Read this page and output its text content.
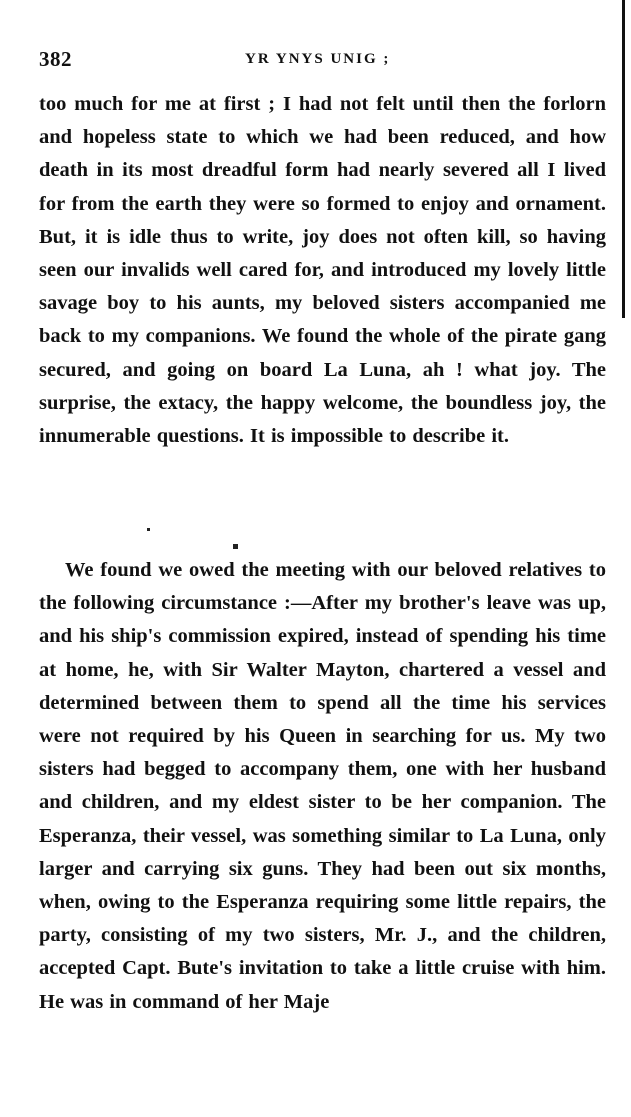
382	YR YNYS UNIG ;

too much for me at first ; I had not felt until then the forlorn and hopeless state to which we had been reduced, and how death in its most dreadful form had nearly severed all I lived for from the earth they were so formed to enjoy and ornament. But, it is idle thus to write, joy does not often kill, so having seen our invalids well cared for, and introduced my lovely little savage boy to his aunts, my beloved sisters accompanied me back to my companions. We found the whole of the pirate gang secured, and going on board La Luna, ah ! what joy. The surprise, the extacy, the happy welcome, the boundless joy, the innumerable questions. It is impossible to describe it.

We found we owed the meeting with our beloved relatives to the following circumstance :—After my brother's leave was up, and his ship's commission expired, instead of spending his time at home, he, with Sir Walter Mayton, chartered a vessel and determined between them to spend all the time his services were not required by his Queen in searching for us. My two sisters had begged to accompany them, one with her husband and children, and my eldest sister to be her companion. The Esperanza, their vessel, was something similar to La Luna, only larger and carrying six guns. They had been out six months, when, owing to the Esperanza requiring some little repairs, the party, consisting of my two sisters, Mr. J., and the children, accepted Capt. Bute's invitation to take a little cruise with him. He was in command of her Maje
